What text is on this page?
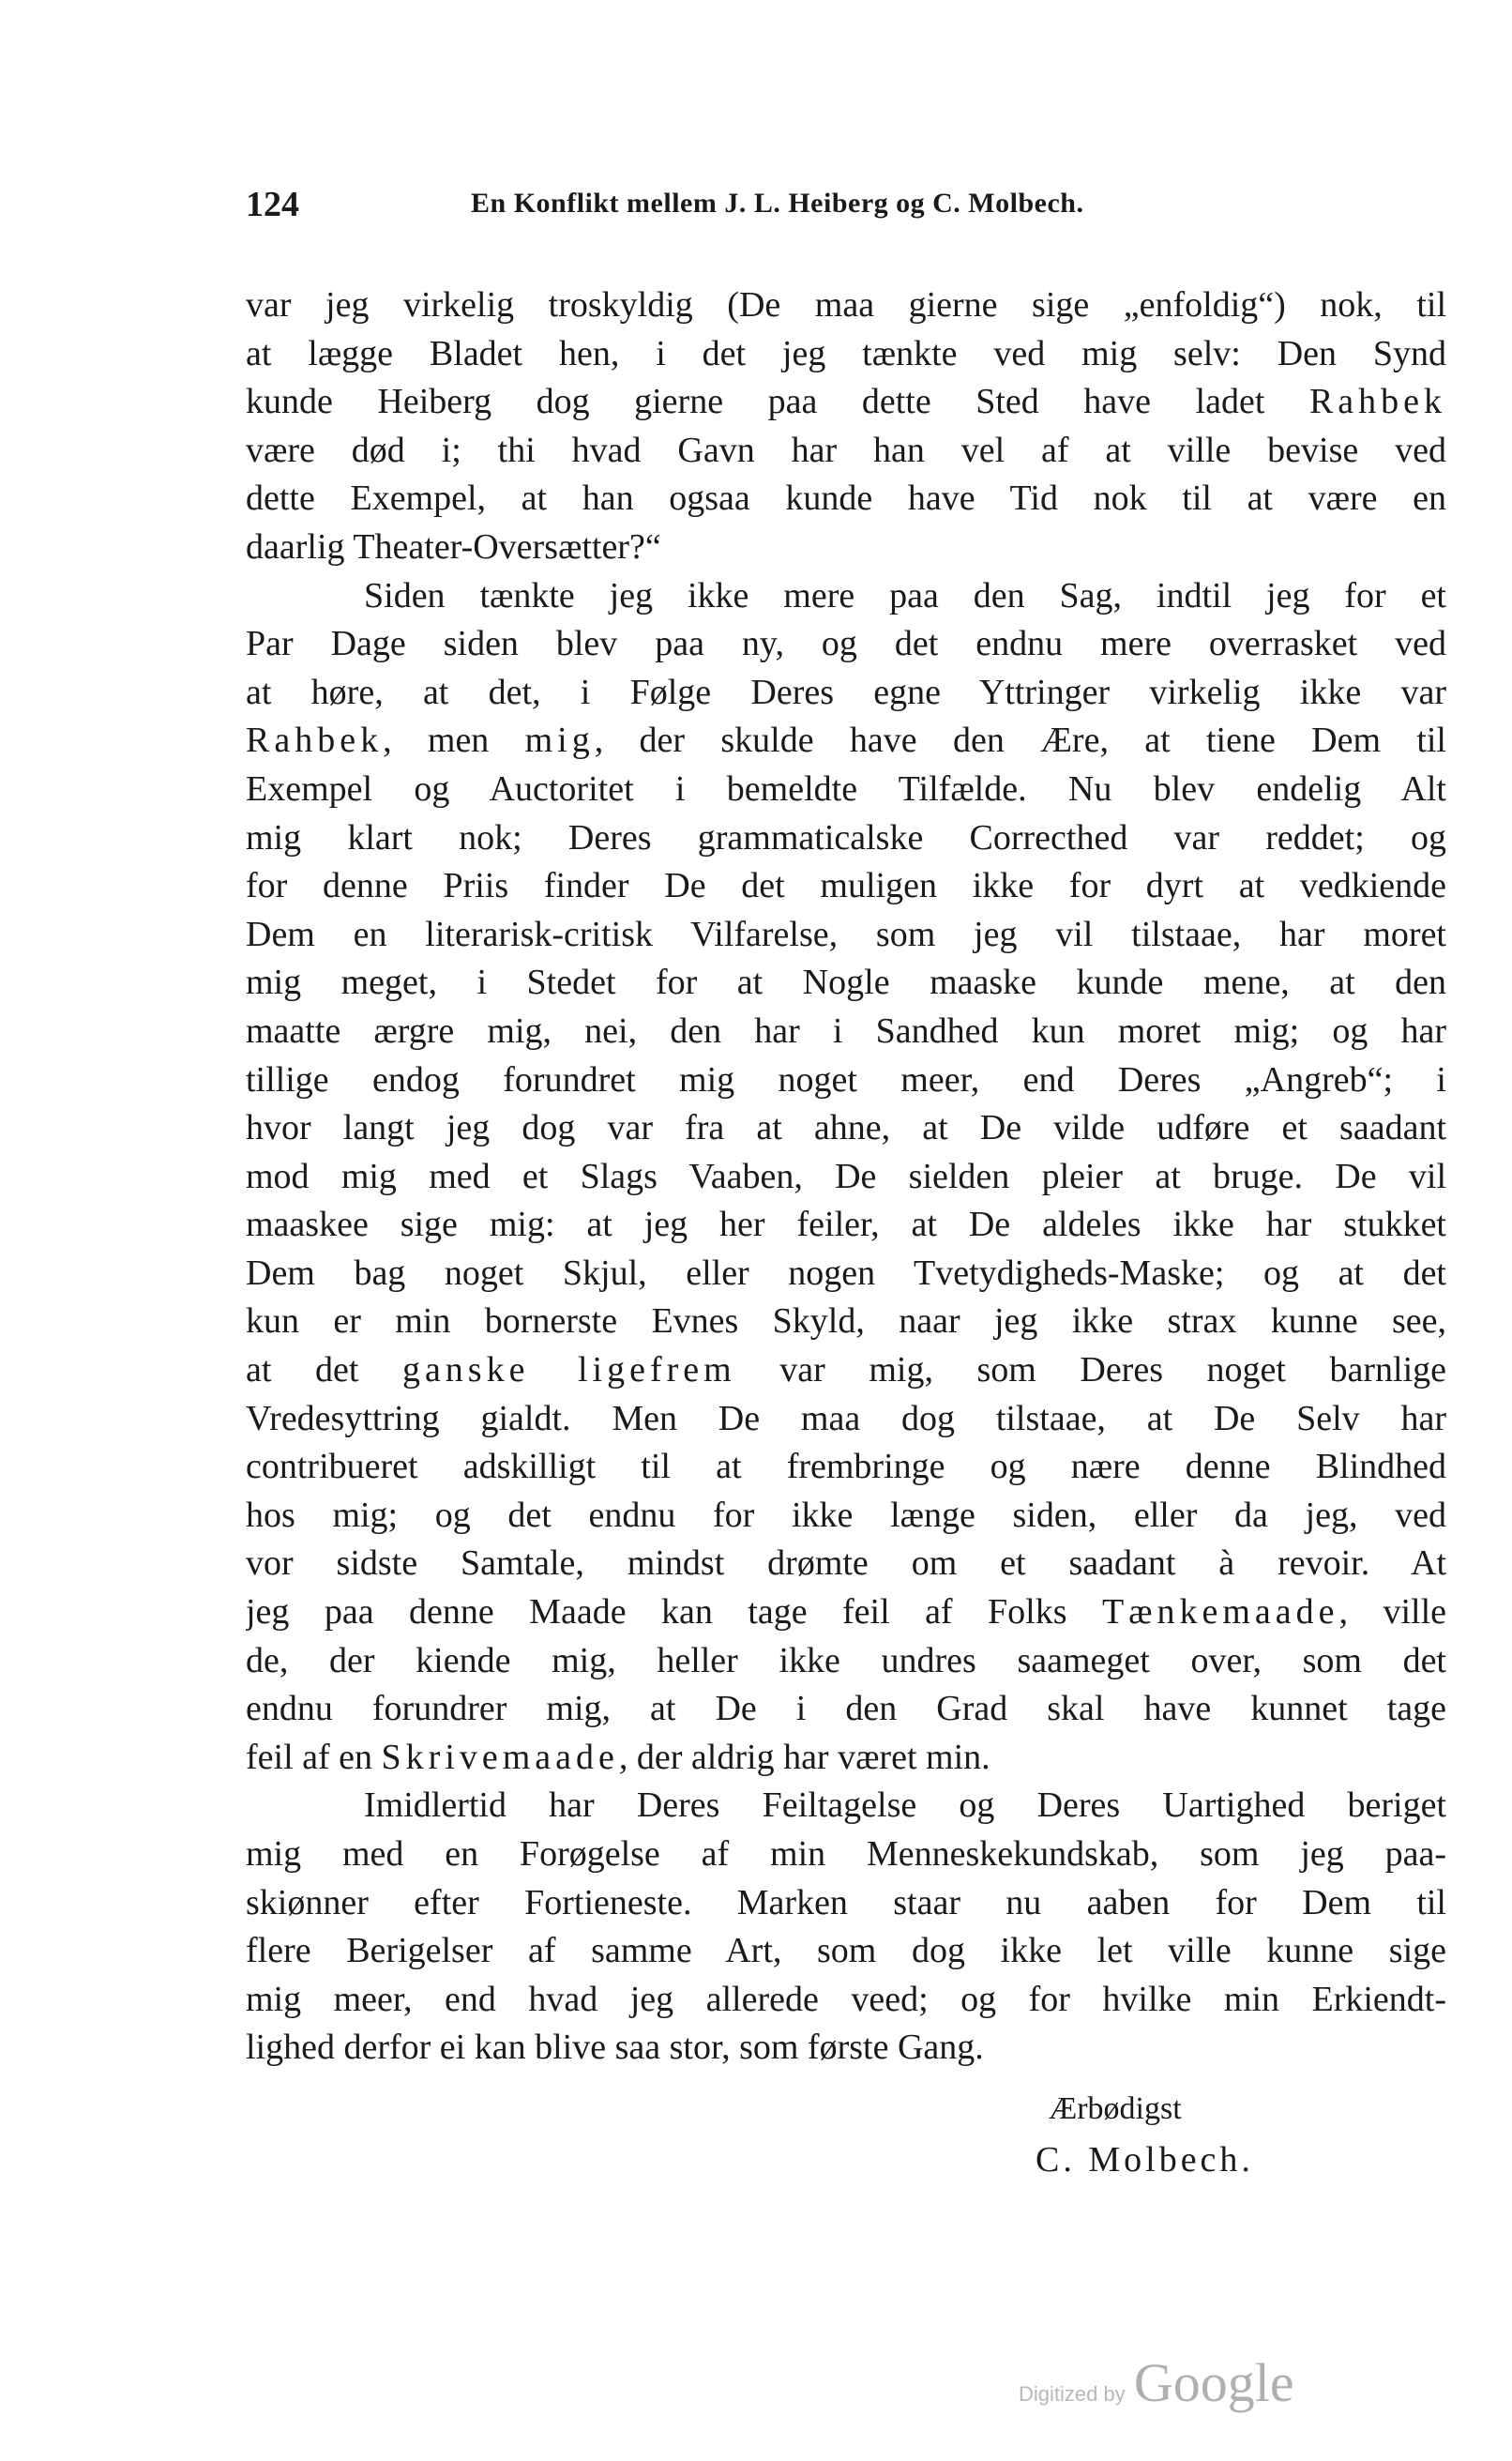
124	En Konflikt mellem J. L. Heiberg og C. Molbech.
var jeg virkelig troskyldig (De maa gierne sige „enfoldig“) nok, til
at lægge Bladet hen, i det jeg tænkte ved mig selv: Den Synd
kunde Heiberg dog gierne paa dette Sted have ladet Rahbek
være død i; thi hvad Gavn har han vel af at ville bevise ved
dette Exempel, at han ogsaa kunde have Tid nok til at være en
daarlig Theater-Oversætter?“
Siden tænkte jeg ikke mere paa den Sag, indtil jeg for et
Par Dage siden blev paa ny, og det endnu mere overrasket ved
at høre, at det, i Følge Deres egne Yttringer virkelig ikke var
Rahbek, men mig, der skulde have den Ære, at tiene Dem til
Exempel og Auctoritet i bemeldte Tilfælde. Nu blev endelig Alt
mig klart nok; Deres grammaticalske Correcthed var reddet; og
for denne Priis finder De det muligen ikke for dyrt at vedkiende
Dem en literarisk-critisk Vilfarelse, som jeg vil tilstaae, har moret
mig meget, i Stedet for at Nogle maaske kunde mene, at den
maatte ærgre mig, nei, den har i Sandhed kun moret mig; og har
tillige endog forundret mig noget meer, end Deres „Angreb“; i
hvor langt jeg dog var fra at ahne, at De vilde udføre et saadant
mod mig med et Slags Vaaben, De sielden pleier at bruge. De vil
maaskee sige mig: at jeg her feiler, at De aldeles ikke har stukket
Dem bag noget Skjul, eller nogen Tvetydigheds-Maske; og at det
kun er min bornerste Evnes Skyld, naar jeg ikke strax kunne see,
at det ganske ligefrem var mig, som Deres noget barnlige
Vredesyttring gialdt. Men De maa dog tilstaae, at De Selv har
contribueret adskilligt til at frembringe og nære denne Blindhed
hos mig; og det endnu for ikke længe siden, eller da jeg, ved
vor sidste Samtale, mindst drømte om et saadant à revoir. At
jeg paa denne Maade kan tage feil af Folks Tænkemaade, ville
de, der kiende mig, heller ikke undres saameget over, som det
endnu forundrer mig, at De i den Grad skal have kunnet tage
feil af en Skrivemaade, der aldrig har været min.
Imidlertid har Deres Feiltagelse og Deres Uartighed beriget
mig med en Forøgelse af min Menneskekundskab, som jeg paa-
skiønner efter Fortieneste. Marken staar nu aaben for Dem til
flere Berigelser af samme Art, som dog ikke let ville kunne sige
mig meer, end hvad jeg allerede veed; og for hvilke min Erkiendt-
lighed derfor ei kan blive saa stor, som første Gang.
Ærbødigst
C. Molbech.
Digitized by Google
